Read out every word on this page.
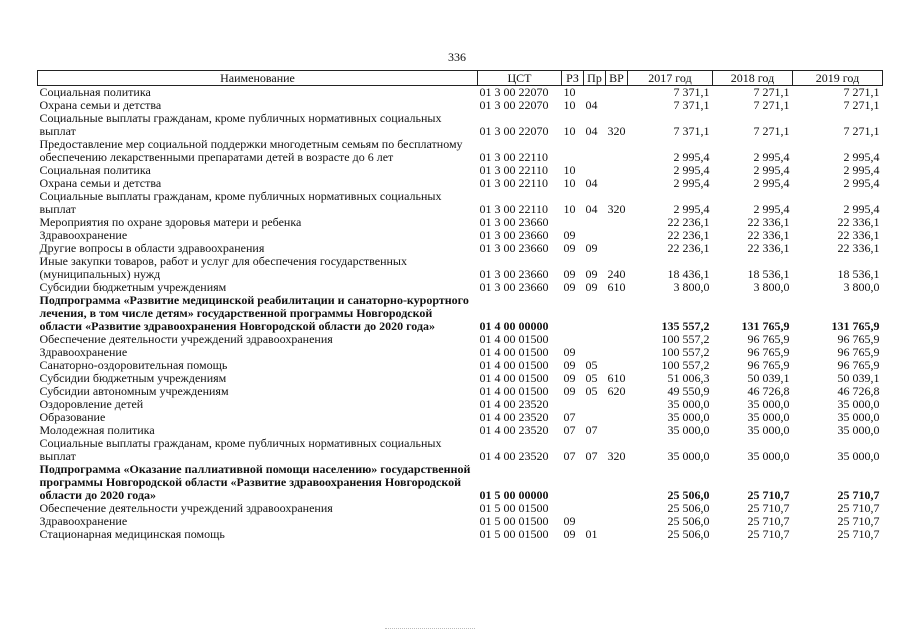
336
Наименование	ЦСТ	РЗ	Пр	ВР	2017 год	2018 год	2019 год
Социальная политика	01 3 00 22070	10			7 371,1	7 271,1	7 271,1
Охрана семьи и детства	01 3 00 22070	10	04		7 371,1	7 271,1	7 271,1
Социальные выплаты гражданам, кроме публичных нормативных социальных выплат	01 3 00 22070	10	04	320	7 371,1	7 271,1	7 271,1
Предоставление мер социальной поддержки многодетным семьям по бесплатному обеспечению лекарственными препаратами детей в возрасте до 6 лет	01 3 00 22110				2 995,4	2 995,4	2 995,4
Социальная политика	01 3 00 22110	10			2 995,4	2 995,4	2 995,4
Охрана семьи и детства	01 3 00 22110	10	04		2 995,4	2 995,4	2 995,4
Социальные выплаты гражданам, кроме публичных нормативных социальных выплат	01 3 00 22110	10	04	320	2 995,4	2 995,4	2 995,4
Мероприятия по охране здоровья матери и ребенка	01 3 00 23660				22 236,1	22 336,1	22 336,1
Здравоохранение	01 3 00 23660	09			22 236,1	22 336,1	22 336,1
Другие вопросы в области здравоохранения	01 3 00 23660	09	09		22 236,1	22 336,1	22 336,1
Иные закупки товаров, работ и услуг для обеспечения государственных (муниципальных) нужд	01 3 00 23660	09	09	240	18 436,1	18 536,1	18 536,1
Субсидии бюджетным учреждениям	01 3 00 23660	09	09	610	3 800,0	3 800,0	3 800,0
Подпрограмма «Развитие медицинской реабилитации и санаторно-курортного лечения, в том числе детям» государственной программы Новгородской области «Развитие здравоохранения Новгородской области до 2020 года»	01 4 00 00000				135 557,2	131 765,9	131 765,9
Обеспечение деятельности учреждений здравоохранения	01 4 00 01500				100 557,2	96 765,9	96 765,9
Здравоохранение	01 4 00 01500	09			100 557,2	96 765,9	96 765,9
Санаторно-оздоровительная помощь	01 4 00 01500	09	05		100 557,2	96 765,9	96 765,9
Субсидии бюджетным учреждениям	01 4 00 01500	09	05	610	51 006,3	50 039,1	50 039,1
Субсидии автономным учреждениям	01 4 00 01500	09	05	620	49 550,9	46 726,8	46 726,8
Оздоровление детей	01 4 00 23520				35 000,0	35 000,0	35 000,0
Образование	01 4 00 23520	07			35 000,0	35 000,0	35 000,0
Молодежная политика	01 4 00 23520	07	07		35 000,0	35 000,0	35 000,0
Социальные выплаты гражданам, кроме публичных нормативных социальных выплат	01 4 00 23520	07	07	320	35 000,0	35 000,0	35 000,0
Подпрограмма «Оказание паллиативной помощи населению» государственной программы Новгородской области «Развитие здравоохранения Новгородской области до 2020 года»	01 5 00 00000				25 506,0	25 710,7	25 710,7
Обеспечение деятельности учреждений здравоохранения	01 5 00 01500				25 506,0	25 710,7	25 710,7
Здравоохранение	01 5 00 01500	09			25 506,0	25 710,7	25 710,7
Стационарная медицинская помощь	01 5 00 01500	09	01		25 506,0	25 710,7	25 710,7
